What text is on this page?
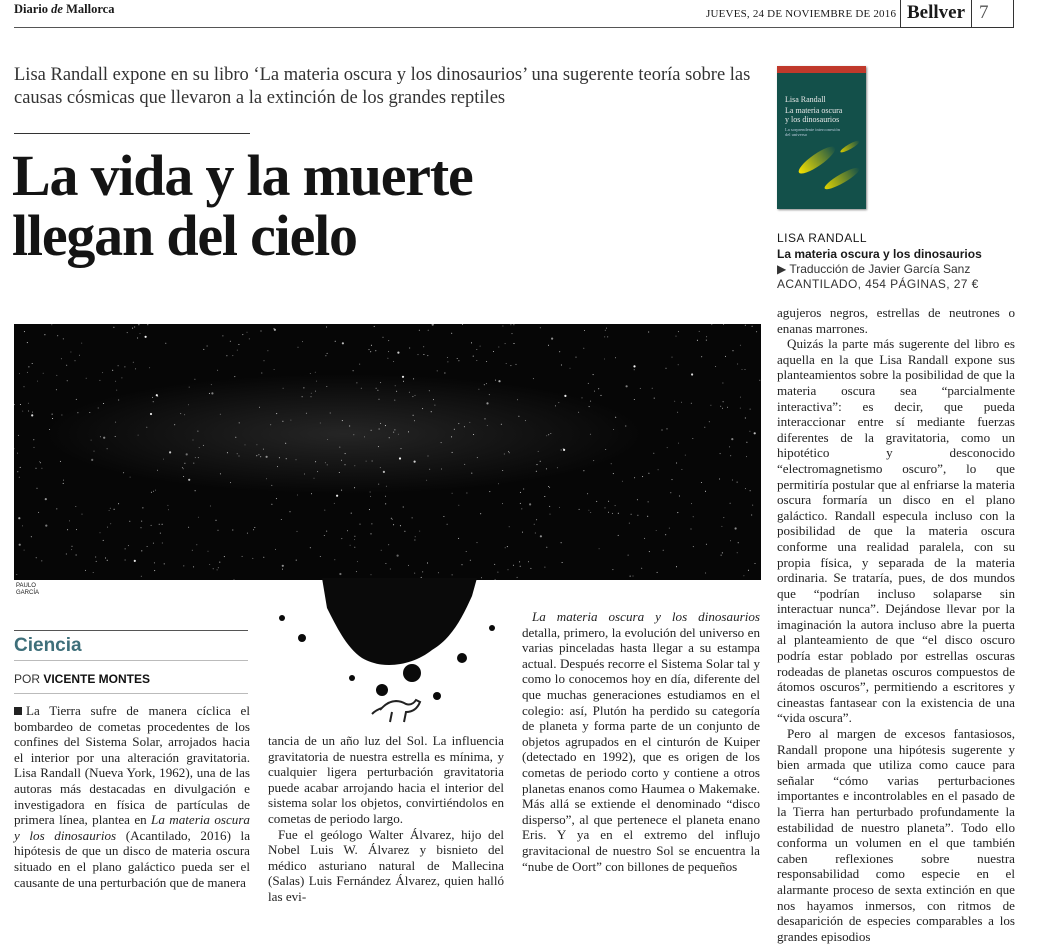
Diario de Mallorca	JUEVES, 24 DE NOVIEMBRE DE 2016 Bellver 7
Lisa Randall expone en su libro ‘La materia oscura y los dinosaurios’ una sugerente teoría sobre las causas cósmicas que llevaron a la extinción de los grandes reptiles
La vida y la muerte
llegan del cielo
Lisa Randall
La materia oscura
y los dinosaurios
La sorprendente interconexión
del universo
LISA RANDALL
La materia oscura y los dinosaurios
▶ Traducción de Javier García Sanz
ACANTILADO, 454 PÁGINAS, 27 €
PAULO
GARCÍA
Ciencia
POR VICENTE MONTES

La Tierra sufre de manera cíclica el bombardeo de cometas procedentes de los confines del Sistema Solar, arrojados hacia el interior por una alteración gravitatoria. Lisa Randall (Nueva York, 1962), una de las autoras más destacadas en divulgación e investigadora en física de partículas de primera línea, plantea en La materia oscura y los dinosaurios (Acantilado, 2016) la hipótesis de que un disco de materia oscura situado en el plano galáctico pueda ser el causante de una perturbación que de manera

tancia de un año luz del Sol. La influencia gravitatoria de nuestra estrella es mínima, y cualquier ligera perturbación gravitatoria puede acabar arrojando hacia el interior del sistema solar los objetos, convirtiéndolos en cometas de periodo largo.

Fue el geólogo Walter Álvarez, hijo del Nobel Luis W. Álvarez y bisnieto del médico asturiano natural de Mallecina (Salas) Luis Fernández Álvarez, quien halló las evi-

La materia oscura y los dinosaurios detalla, primero, la evolución del universo en varias pinceladas hasta llegar a su estampa actual. Después recorre el Sistema Solar tal y como lo conocemos hoy en día, diferente del que muchas generaciones estudiamos en el colegio: así, Plutón ha perdido su categoría de planeta y forma parte de un conjunto de objetos agrupados en el cinturón de Kuiper (detectado en 1992), que es origen de los cometas de periodo corto y contiene a otros planetas enanos como Haumea o Makemake. Más allá se extiende el denominado “disco disperso”, al que pertenece el planeta enano Eris. Y ya en el extremo del influjo gravitacional de nuestro Sol se encuentra la “nube de Oort” con billones de pequeños

agujeros negros, estrellas de neutrones o enanas marrones.

Quizás la parte más sugerente del libro es aquella en la que Lisa Randall expone sus planteamientos sobre la posibilidad de que la materia oscura sea “parcialmente interactiva”: es decir, que pueda interaccionar entre sí mediante fuerzas diferentes de la gravitatoria, como un hipotético y desconocido “electromagnetismo oscuro”, lo que permitiría postular que al enfriarse la materia oscura formaría un disco en el plano galáctico. Randall especula incluso con la posibilidad de que la materia oscura conforme una realidad paralela, con su propia física, y separada de la materia ordinaria. Se trataría, pues, de dos mundos que “podrían incluso solaparse sin interactuar nunca”. Dejándose llevar por la imaginación la autora incluso abre la puerta al planteamiento de que “el disco oscuro podría estar poblado por estrellas oscuras rodeadas de planetas oscuros compuestos de átomos oscuros”, permitiendo a escritores y cineastas fantasear con la existencia de una “vida oscura”.

Pero al margen de excesos fantasiosos, Randall propone una hipótesis sugerente y bien armada que utiliza como cauce para señalar “cómo varias perturbaciones importantes e incontrolables en el pasado de la Tierra han perturbado profundamente la estabilidad de nuestro planeta”. Todo ello conforma un volumen en el que también caben reflexiones sobre nuestra responsabilidad como especie en el alarmante proceso de sexta extinción en que nos hayamos inmersos, con ritmos de desaparición de especies comparables a los grandes episodios
